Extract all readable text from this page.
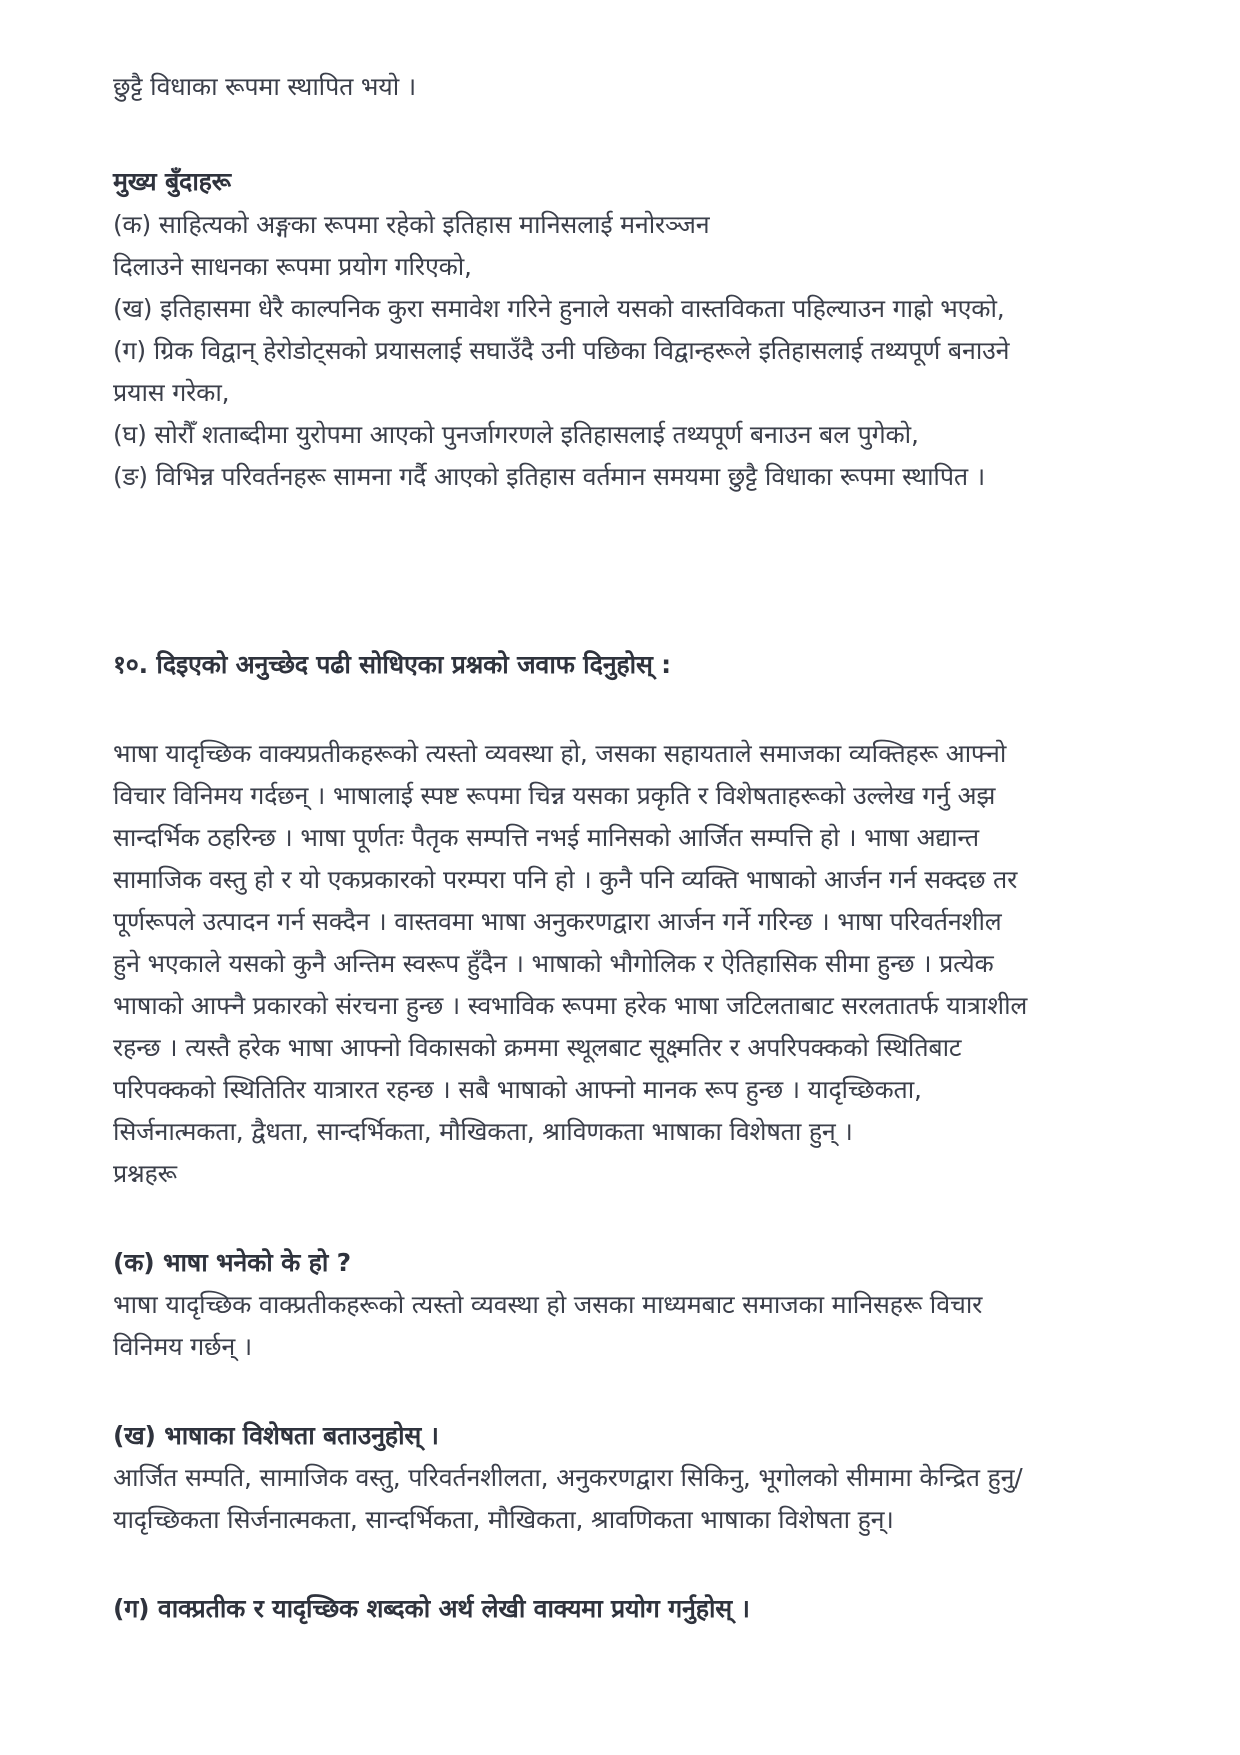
छुट्टै विधाका रूपमा स्थापित भयो ।
मुख्य बुँदाहरू
(क) साहित्यको अङ्गका रूपमा रहेको इतिहास मानिसलाई मनोरञ्जन
दिलाउने साधनका रूपमा प्रयोग गरिएको,
(ख) इतिहासमा धेरै काल्पनिक कुरा समावेश गरिने हुनाले यसको वास्तविकता पहिल्याउन गाह्रो भएको,
(ग) ग्रिक विद्वान् हेरोडोट्सको प्रयासलाई सघाउँदै उनी पछिका विद्वान्हरूले इतिहासलाई तथ्यपूर्ण बनाउने
प्रयास गरेका,
(घ) सोरौँ शताब्दीमा युरोपमा आएको पुनर्जागरणले इतिहासलाई तथ्यपूर्ण बनाउन बल पुगेको,
(ङ) विभिन्न परिवर्तनहरू सामना गर्दै आएको इतिहास वर्तमान समयमा छुट्टै विधाका रूपमा स्थापित ।
१०. दिइएको अनुच्छेद पढी सोधिएका प्रश्नको जवाफ दिनुहोस् :
भाषा यादृच्छिक वाक्यप्रतीकहरूको त्यस्तो व्यवस्था हो, जसका सहायताले समाजका व्यक्तिहरू आफ्नो
विचार विनिमय गर्दछन् । भाषालाई स्पष्ट रूपमा चिन्न यसका प्रकृति र विशेषताहरूको उल्लेख गर्नु अझ
सान्दर्भिक ठहरिन्छ । भाषा पूर्णतः पैतृक सम्पत्ति नभई मानिसको आर्जित सम्पत्ति हो । भाषा अद्यान्त
सामाजिक वस्तु हो र यो एकप्रकारको परम्परा पनि हो । कुनै पनि व्यक्ति भाषाको आर्जन गर्न सक्दछ तर
पूर्णरूपले उत्पादन गर्न सक्दैन । वास्तवमा भाषा अनुकरणद्वारा आर्जन गर्ने गरिन्छ । भाषा परिवर्तनशील
हुने भएकाले यसको कुनै अन्तिम स्वरूप हुँदैन । भाषाको भौगोलिक र ऐतिहासिक सीमा हुन्छ । प्रत्येक
भाषाको आफ्नै प्रकारको संरचना हुन्छ । स्वभाविक रूपमा हरेक भाषा जटिलताबाट सरलतातर्फ यात्राशील
रहन्छ । त्यस्तै हरेक भाषा आफ्नो विकासको क्रममा स्थूलबाट सूक्ष्मतिर र अपरिपक्कको स्थितिबाट
परिपक्कको स्थितितिर यात्रारत रहन्छ । सबै भाषाको आफ्नो मानक रूप हुन्छ । यादृच्छिकता,
सिर्जनात्मकता, द्वैधता, सान्दर्भिकता, मौखिकता, श्राविणकता भाषाका विशेषता हुन् ।
प्रश्नहरू
(क) भाषा भनेको के हो ?
भाषा यादृच्छिक वाक्प्रतीकहरूको त्यस्तो व्यवस्था हो जसका माध्यमबाट समाजका मानिसहरू विचार
विनिमय गर्छन् ।
(ख) भाषाका विशेषता बताउनुहोस् ।
आर्जित सम्पति, सामाजिक वस्तु, परिवर्तनशीलता, अनुकरणद्वारा सिकिनु, भूगोलको सीमामा केन्द्रित हुनु/
यादृच्छिकता सिर्जनात्मकता, सान्दर्भिकता, मौखिकता, श्रावणिकता भाषाका विशेषता हुन्।
(ग) वाक्प्रतीक र यादृच्छिक शब्दको अर्थ लेखी वाक्यमा प्रयोग गर्नुहोस् ।
